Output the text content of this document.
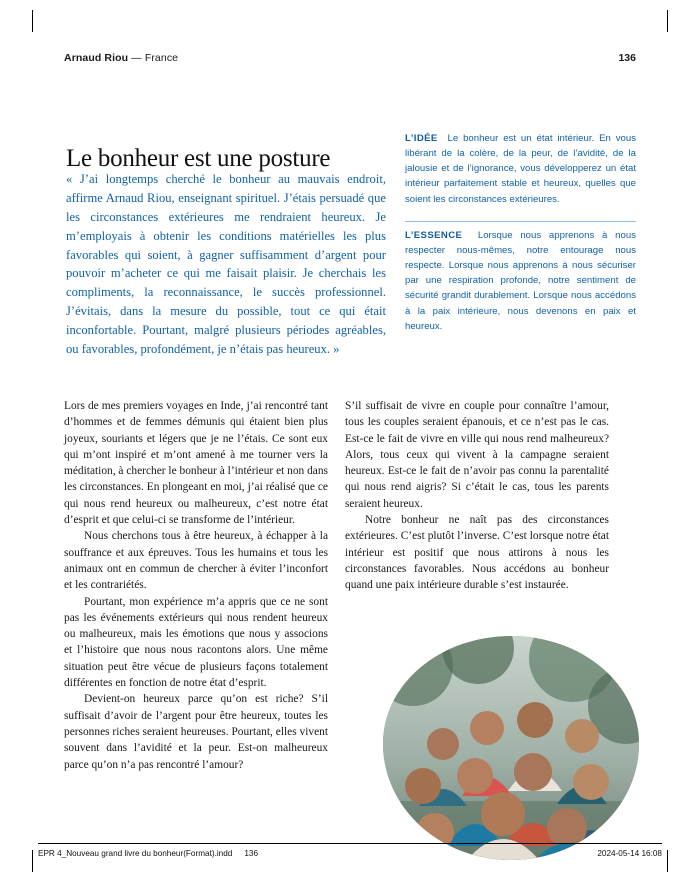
Arnaud Riou — France	136
Le bonheur est une posture
« J’ai longtemps cherché le bonheur au mauvais endroit, affirme Arnaud Riou, enseignant spirituel. J’étais persuadé que les circonstances extérieures me rendraient heureux. Je m’employais à obtenir les conditions matérielles les plus favorables qui soient, à gagner suffisamment d’argent pour pouvoir m’acheter ce qui me faisait plaisir. Je cherchais les compliments, la reconnaissance, le succès professionnel. J’évitais, dans la mesure du possible, tout ce qui était inconfortable. Pourtant, malgré plusieurs périodes agréables, ou favorables, profondément, je n’étais pas heureux. »
L’IDÉE Le bonheur est un état intérieur. En vous libérant de la colère, de la peur, de l’avidité, de la jalousie et de l’ignorance, vous développerez un état intérieur parfaitement stable et heureux, quelles que soient les circonstances extérieures.
L’ESSENCE Lorsque nous apprenons à nous respecter nous-mêmes, notre entourage nous respecte. Lorsque nous apprenons à nous sécuriser par une respiration profonde, notre sentiment de sécurité grandit durablement. Lorsque nous accédons à la paix intérieure, nous devenons en paix et heureux.

Lors de mes premiers voyages en Inde, j’ai rencontré tant d’hommes et de femmes démunis qui étaient bien plus joyeux, souriants et légers que je ne l’étais. Ce sont eux qui m’ont inspiré et m’ont amené à me tourner vers la méditation, à chercher le bonheur à l’intérieur et non dans les circonstances. En plongeant en moi, j’ai réalisé que ce qui nous rend heureux ou malheureux, c’est notre état d’esprit et que celui-ci se transforme de l’intérieur.

Nous cherchons tous à être heureux, à échapper à la souffrance et aux épreuves. Tous les humains et tous les animaux ont en commun de chercher à éviter l’inconfort et les contrariétés.

Pourtant, mon expérience m’a appris que ce ne sont pas les événements extérieurs qui nous rendent heureux ou malheureux, mais les émotions que nous y associons et l’histoire que nous nous racontons alors. Une même situation peut être vécue de plusieurs façons totalement différentes en fonction de notre état d’esprit.

Devient-on heureux parce qu’on est riche? S’il suffisait d’avoir de l’argent pour être heureux, toutes les personnes riches seraient heureuses. Pourtant, elles vivent souvent dans l’avidité et la peur. Est-on malheureux parce qu’on n’a pas rencontré l’amour?

S’il suffisait de vivre en couple pour connaître l’amour, tous les couples seraient épanouis, et ce n’est pas le cas. Est-ce le fait de vivre en ville qui nous rend malheureux? Alors, tous ceux qui vivent à la campagne seraient heureux. Est-ce le fait de n’avoir pas connu la parentalité qui nous rend aigris? Si c’était le cas, tous les parents seraient heureux.

Notre bonheur ne naît pas des circonstances extérieures. C’est plutôt l’inverse. C’est lorsque notre état intérieur est positif que nous attirons à nous les circonstances favorables. Nous accédons au bonheur quand une paix intérieure durable s’est instaurée.

EPR 4_Nouveau grand livre du bonheur(Format).indd 136	2024-05-14 16:08
